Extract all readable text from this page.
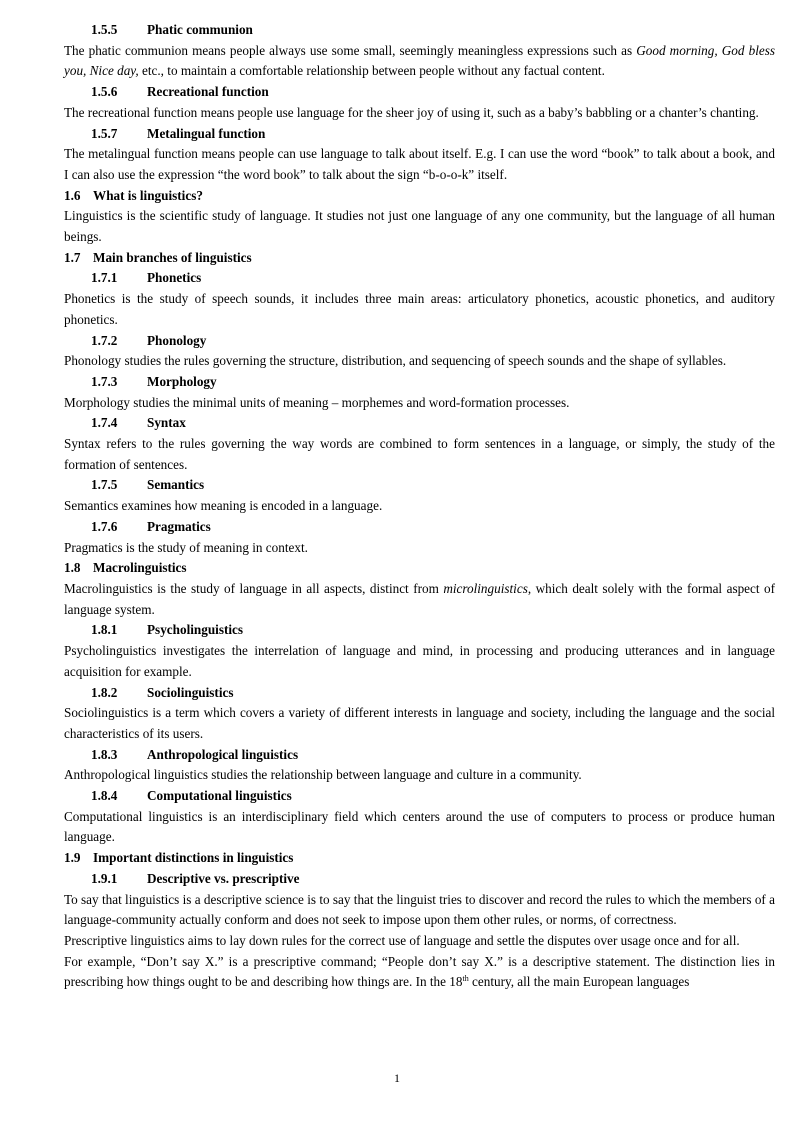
1.5.5 Phatic communion

The phatic communion means people always use some small, seemingly meaningless expressions such as Good morning, God bless you, Nice day, etc., to maintain a comfortable relationship between people without any factual content.

1.5.6 Recreational function

The recreational function means people use language for the sheer joy of using it, such as a baby’s babbling or a chanter’s chanting.

1.5.7 Metalingual function

The metalingual function means people can use language to talk about itself. E.g. I can use the word “book” to talk about a book, and I can also use the expression “the word book” to talk about the sign “b-o-o-k” itself.

1.6 What is linguistics?

Linguistics is the scientific study of language. It studies not just one language of any one community, but the language of all human beings.

1.7 Main branches of linguistics
1.7.1 Phonetics

Phonetics is the study of speech sounds, it includes three main areas: articulatory phonetics, acoustic phonetics, and auditory phonetics.

1.7.2 Phonology

Phonology studies the rules governing the structure, distribution, and sequencing of speech sounds and the shape of syllables.

1.7.3 Morphology

Morphology studies the minimal units of meaning – morphemes and word-formation processes.

1.7.4 Syntax

Syntax refers to the rules governing the way words are combined to form sentences in a language, or simply, the study of the formation of sentences.

1.7.5 Semantics

Semantics examines how meaning is encoded in a language.

1.7.6 Pragmatics

Pragmatics is the study of meaning in context.

1.8 Macrolinguistics

Macrolinguistics is the study of language in all aspects, distinct from microlinguistics, which dealt solely with the formal aspect of language system.

1.8.1 Psycholinguistics

Psycholinguistics investigates the interrelation of language and mind, in processing and producing utterances and in language acquisition for example.

1.8.2 Sociolinguistics

Sociolinguistics is a term which covers a variety of different interests in language and society, including the language and the social characteristics of its users.

1.8.3 Anthropological linguistics

Anthropological linguistics studies the relationship between language and culture in a community.

1.8.4 Computational linguistics

Computational linguistics is an interdisciplinary field which centers around the use of computers to process or produce human language.

1.9 Important distinctions in linguistics
1.9.1 Descriptive vs. prescriptive

To say that linguistics is a descriptive science is to say that the linguist tries to discover and record the rules to which the members of a language-community actually conform and does not seek to impose upon them other rules, or norms, of correctness.

Prescriptive linguistics aims to lay down rules for the correct use of language and settle the disputes over usage once and for all.

For example, “Don’t say X.” is a prescriptive command; “People don’t say X.” is a descriptive statement. The distinction lies in prescribing how things ought to be and describing how things are. In the 18th century, all the main European languages

1
